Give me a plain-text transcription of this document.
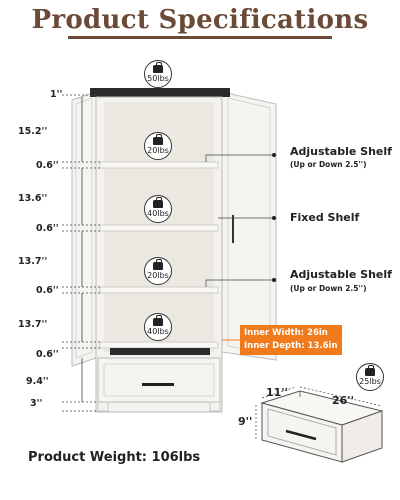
Product Specifications
50lbs
20lbs
40lbs
20lbs
40lbs
25lbs
1''
15.2''
0.6''
13.6''
0.6''
13.7''
0.6''
13.7''
0.6''
9.4''
3''
Adjustable Shelf
(Up or Down 2.5'')
Fixed Shelf
Adjustable Shelf
(Up or Down 2.5'')
Inner Width: 26in
Inner Depth: 13.6in
11''
26''
9''
Product Weight: 106lbs
